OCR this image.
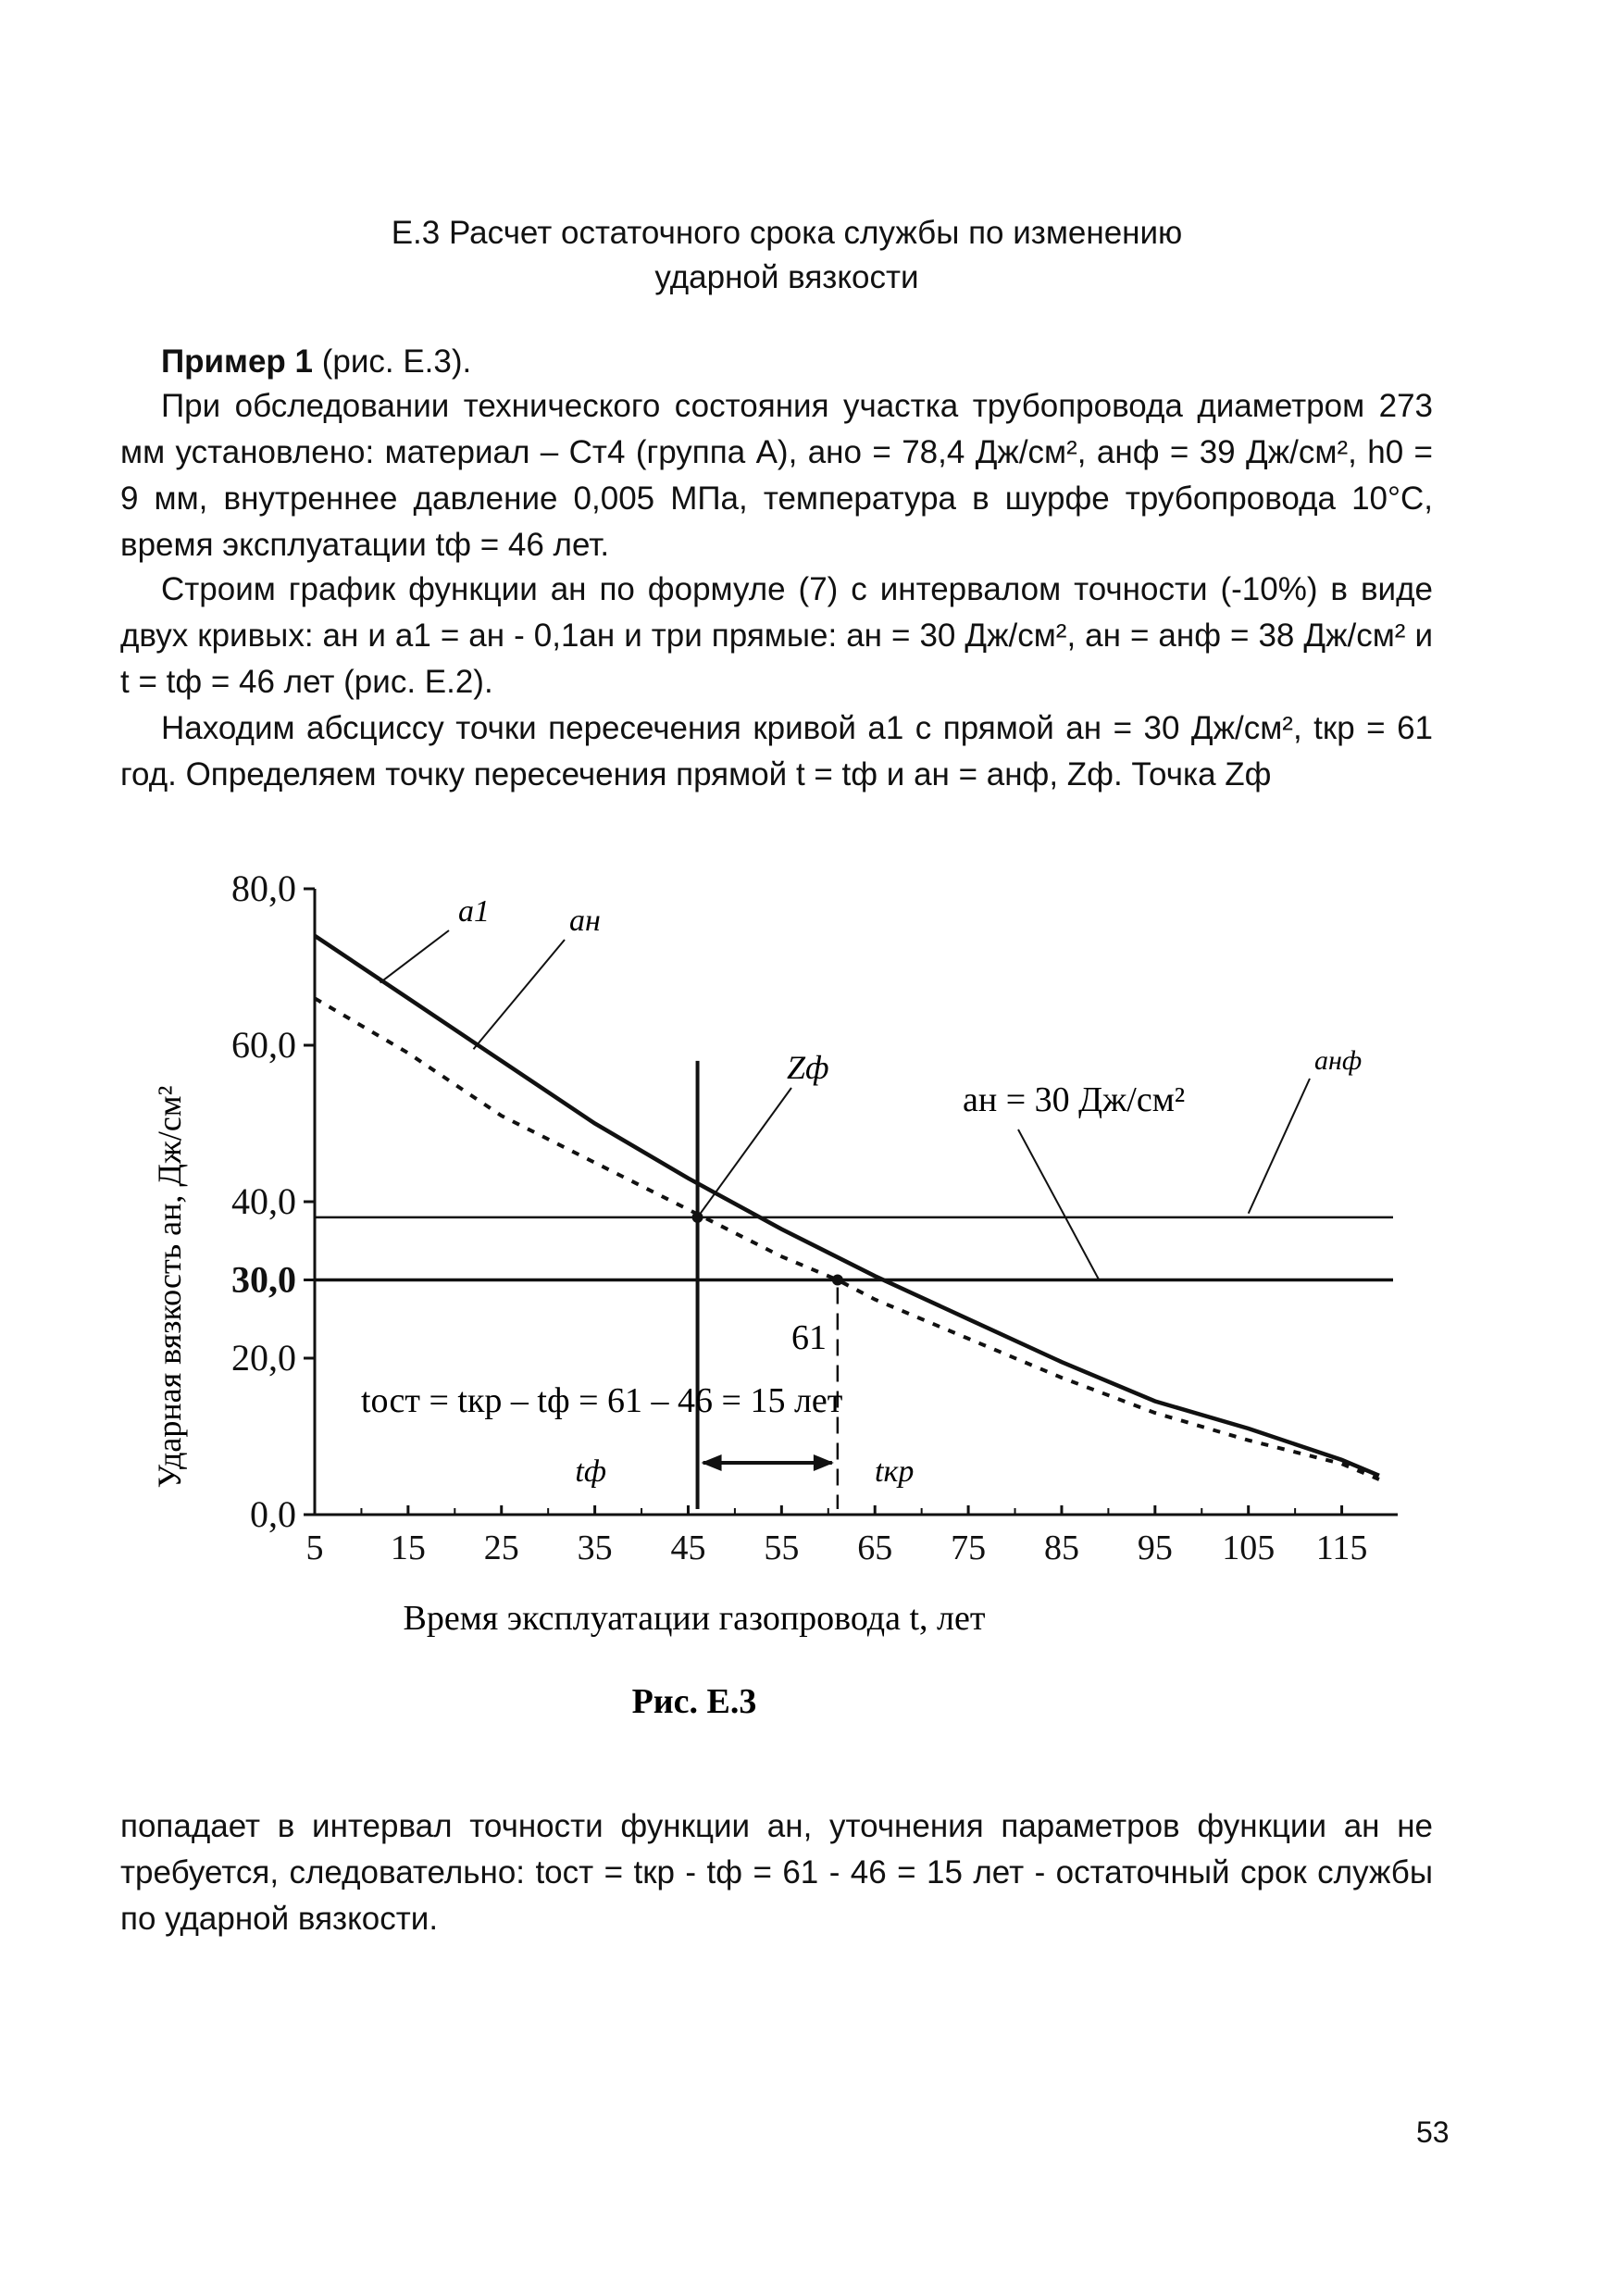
Е.3 Расчет остаточного срока службы по изменению
ударной вязкости
Пример 1 (рис. Е.3).
При обследовании технического состояния участка трубопровода диаметром 273 мм установлено: материал – Ст4 (группа А), aнo = 78,4 Дж/см², aнф = 39 Дж/см², h0 = 9 мм, внутреннее давление 0,005 МПа, температура в шурфе трубопровода 10°С, время эксплуатации tф = 46 лет.
Строим график функции aн по формуле (7) с интервалом точности (-10%) в виде двух кривых: aн и a1 = aн - 0,1aн и три прямые: aн = 30 Дж/см², aн = aнф = 38 Дж/см² и t = tф = 46 лет (рис. Е.2).
Находим абсциссу точки пересечения кривой a1 с прямой aн = 30 Дж/см², tкр = 61 год. Определяем точку пересечения прямой t = tф и aн = aнф, Zф. Точка Zф
5 15 25 35 45 55 65 75 85 95 105 115
0,0
20,0
30,0
40,0
60,0
80,0
Ударная вязкость aн, Дж/см²
Время эксплуатации газопровода t, лет
Рис. Е.3
a1	aн
aнф
Zф
aн = 30 Дж/см²
61
tост = tкр – tф = 61 – 46 = 15 лет
tф	tкр
попадает в интервал точности функции aн, уточнения параметров функции aн не требуется, следовательно: tост = tкр - tф = 61 - 46 = 15 лет - остаточный срок службы по ударной вязкости.
53
